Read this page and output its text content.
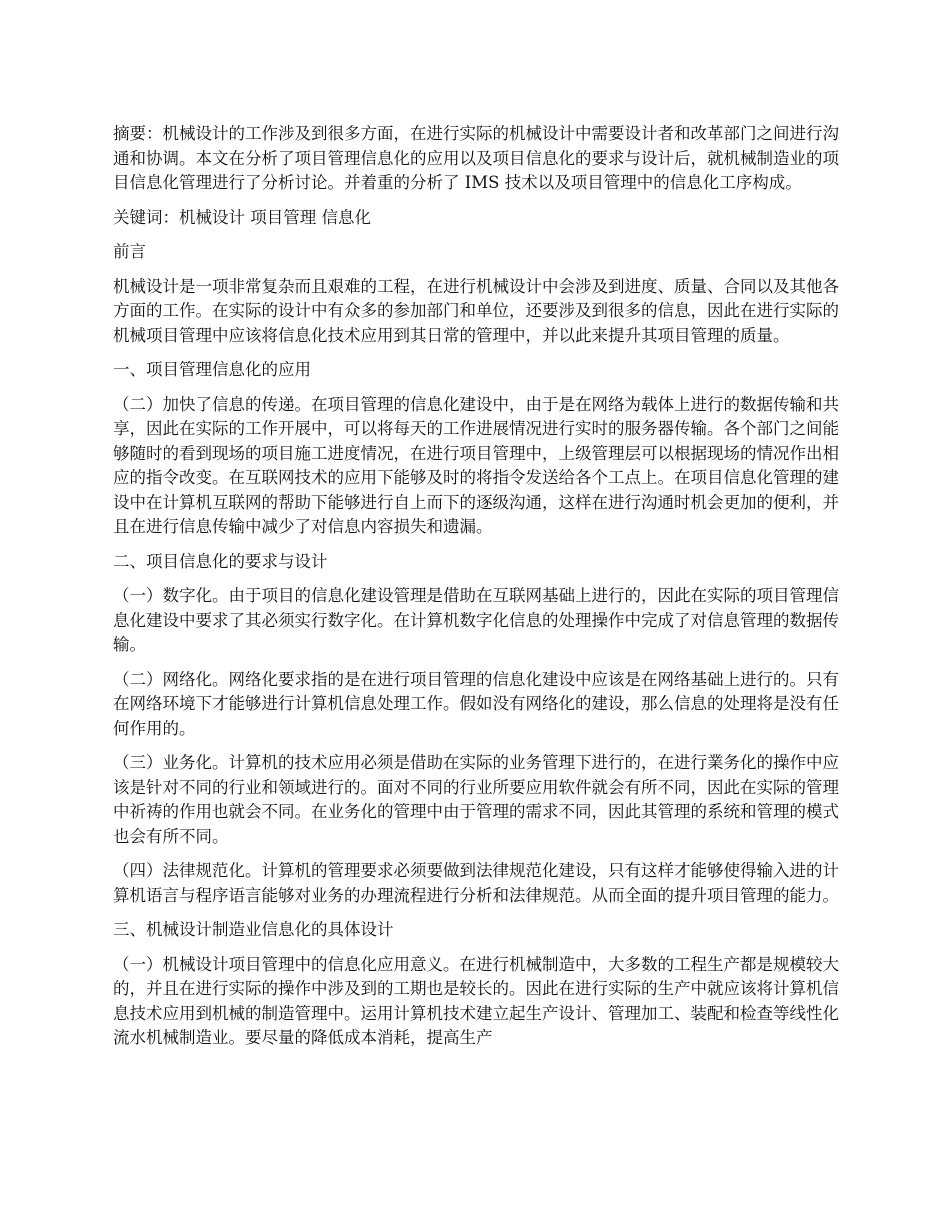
摘要：机械设计的工作涉及到很多方面，在进行实际的机械设计中需要设计者和改革部门之间进行沟通和协调。本文在分析了项目管理信息化的应用以及项目信息化的要求与设计后，就机械制造业的项目信息化管理进行了分析讨论。并着重的分析了 IMS 技术以及项目管理中的信息化工序构成。

关键词：机械设计 项目管理 信息化

前言

机械设计是一项非常复杂而且艰难的工程，在进行机械设计中会涉及到进度、质量、合同以及其他各方面的工作。在实际的设计中有众多的参加部门和单位，还要涉及到很多的信息，因此在进行实际的机械项目管理中应该将信息化技术应用到其日常的管理中，并以此来提升其项目管理的质量。

一、项目管理信息化的应用

（二）加快了信息的传递。在项目管理的信息化建设中，由于是在网络为载体上进行的数据传输和共享，因此在实际的工作开展中，可以将每天的工作进展情况进行实时的服务器传输。各个部门之间能够随时的看到现场的项目施工进度情况，在进行项目管理中，上级管理层可以根据现场的情况作出相应的指令改变。在互联网技术的应用下能够及时的将指令发送给各个工点上。在项目信息化管理的建设中在计算机互联网的帮助下能够进行自上而下的逐级沟通，这样在进行沟通时机会更加的便利，并且在进行信息传输中减少了对信息内容损失和遗漏。

二、项目信息化的要求与设计

（一）数字化。由于项目的信息化建设管理是借助在互联网基础上进行的，因此在实际的项目管理信息化建设中要求了其必须实行数字化。在计算机数字化信息的处理操作中完成了对信息管理的数据传输。

（二）网络化。网络化要求指的是在进行项目管理的信息化建设中应该是在网络基础上进行的。只有在网络环境下才能够进行计算机信息处理工作。假如没有网络化的建设，那么信息的处理将是没有任何作用的。

（三）业务化。计算机的技术应用必须是借助在实际的业务管理下进行的，在进行業务化的操作中应该是针对不同的行业和领域进行的。面对不同的行业所要应用软件就会有所不同，因此在实际的管理中祈祷的作用也就会不同。在业务化的管理中由于管理的需求不同，因此其管理的系统和管理的模式也会有所不同。

（四）法律规范化。计算机的管理要求必须要做到法律规范化建设，只有这样才能够使得输入进的计算机语言与程序语言能够对业务的办理流程进行分析和法律规范。从而全面的提升项目管理的能力。

三、机械设计制造业信息化的具体设计

（一）机械设计项目管理中的信息化应用意义。在进行机械制造中，大多数的工程生产都是规模较大的，并且在进行实际的操作中涉及到的工期也是较长的。因此在进行实际的生产中就应该将计算机信息技术应用到机械的制造管理中。运用计算机技术建立起生产设计、管理加工、装配和检查等线性化流水机械制造业。要尽量的降低成本消耗，提高生产
